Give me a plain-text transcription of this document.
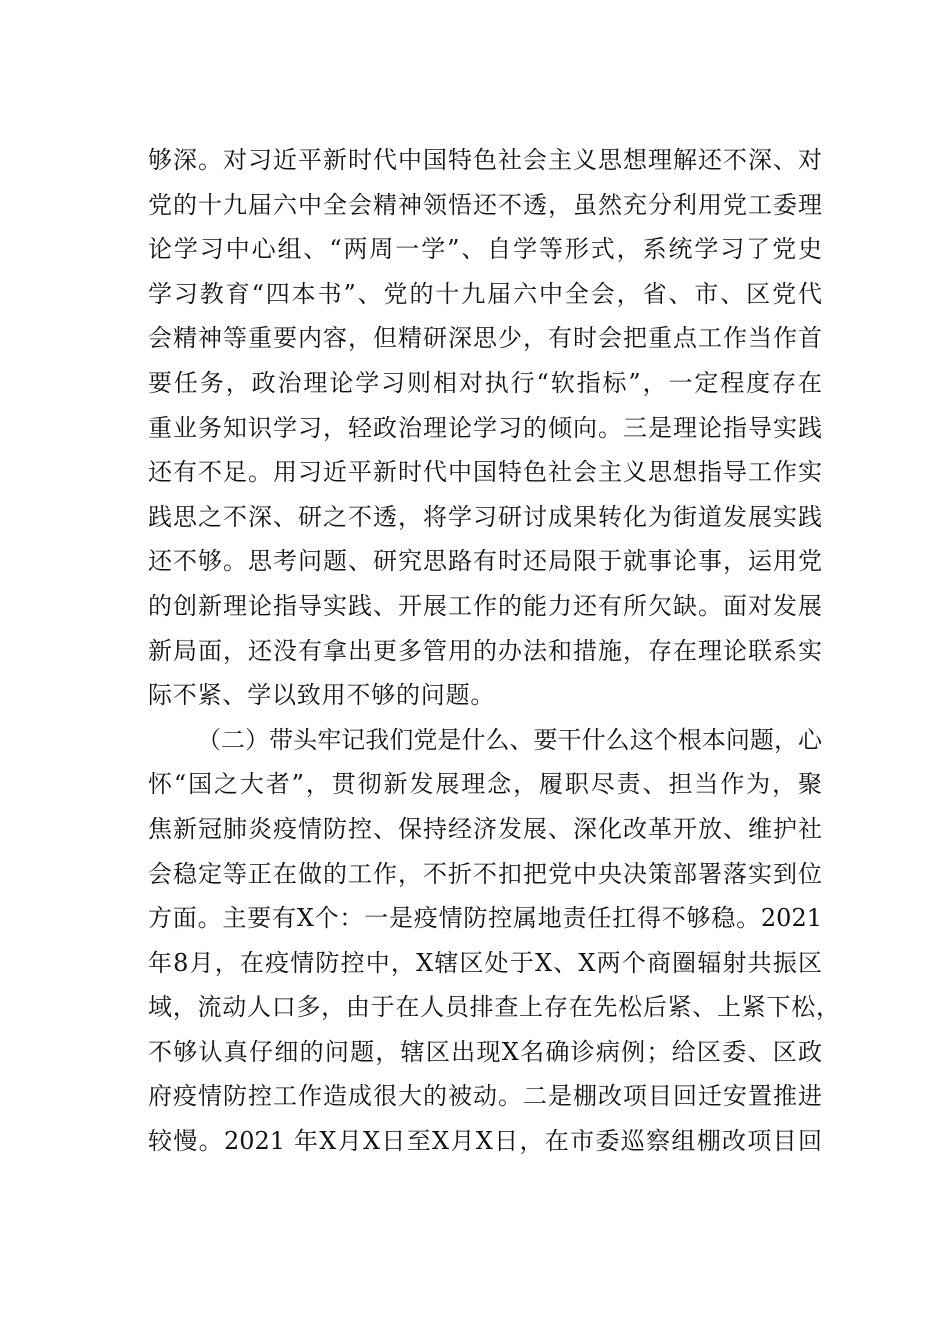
够深。对习近平新时代中国特色社会主义思想理解还不深、对
党的十九届六中全会精神领悟还不透，虽然充分利用党工委理
论学习中心组、“两周一学”、自学等形式，系统学习了党史
学习教育“四本书”、党的十九届六中全会，省、市、区党代
会精神等重要内容，但精研深思少，有时会把重点工作当作首
要任务，政治理论学习则相对执行“软指标”，一定程度存在
重业务知识学习，轻政治理论学习的倾向。三是理论指导实践
还有不足。用习近平新时代中国特色社会主义思想指导工作实
践思之不深、研之不透，将学习研讨成果转化为街道发展实践
还不够。思考问题、研究思路有时还局限于就事论事，运用党
的创新理论指导实践、开展工作的能力还有所欠缺。面对发展
新局面，还没有拿出更多管用的办法和措施，存在理论联系实
际不紧、学以致用不够的问题。
（二）带头牢记我们党是什么、要干什么这个根本问题，心
怀“国之大者”，贯彻新发展理念，履职尽责、担当作为，聚
焦新冠肺炎疫情防控、保持经济发展、深化改革开放、维护社
会稳定等正在做的工作，不折不扣把党中央决策部署落实到位
方面。主要有X个：一是疫情防控属地责任扛得不够稳。2021
年8月，在疫情防控中，X辖区处于X、X两个商圈辐射共振区
域，流动人口多，由于在人员排查上存在先松后紧、上紧下松，
不够认真仔细的问题，辖区出现X名确诊病例；给区委、区政
府疫情防控工作造成很大的被动。二是棚改项目回迁安置推进
较慢。2021 年X月X日至X月X日，在市委巡察组棚改项目回
